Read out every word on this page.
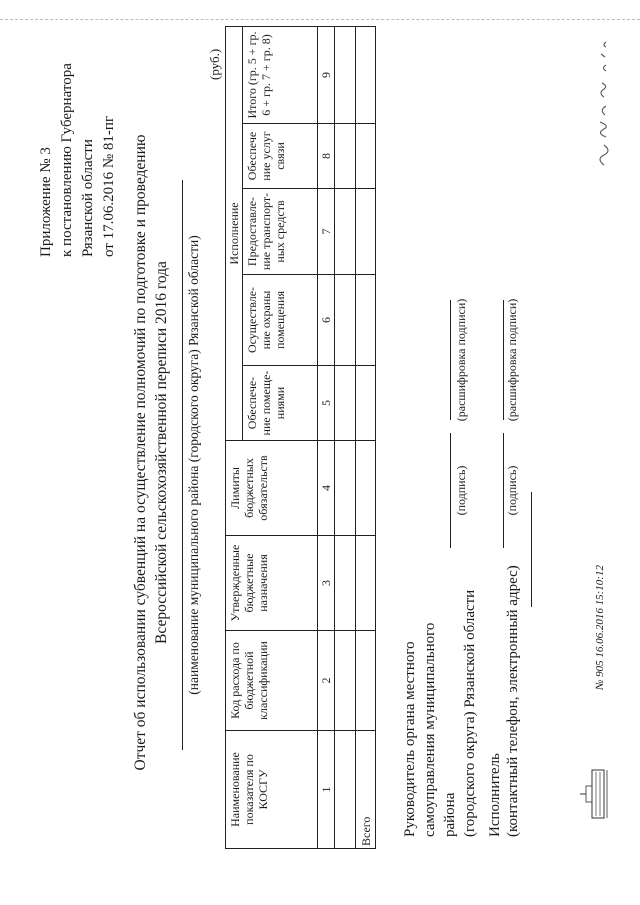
Приложение № 3 к постановлению Губернатора Рязанской области от 17.06.2016 № 81-пг Отчет об использовании субвенций на осуществление полномочий по подготовке и проведению Всероссийской сельскохозяйственной переписи 2016 года (наименование муниципального района (городского округа) Рязанской области)
(руб.)
Наименование показателя по КОСГУ	Код расхода по бюджетной классификации	Утвержденные бюджетные назначения	Лимиты бюджетных обязательств	Исполнение				
				Обеспече-ние помеще-ниями	Осуществле-ние охраны помещения	Предоставле-ние транспорт-ных средств	Обеспече ние услуг связи	Итого (гр. 5 + гр. 6 + гр. 7 + гр. 8)
1	2	3	4	5	6	7	8	9

Всего								Руководитель органа местного самоуправления муниципального района (городского округа) Рязанской области
(подпись)
(расшифровка подписи)
Исполнитель (контактный телефон, электронный адрес)
(подпись)
(расшифровка подписи)
№ 905 16.06.2016 15:10:12
